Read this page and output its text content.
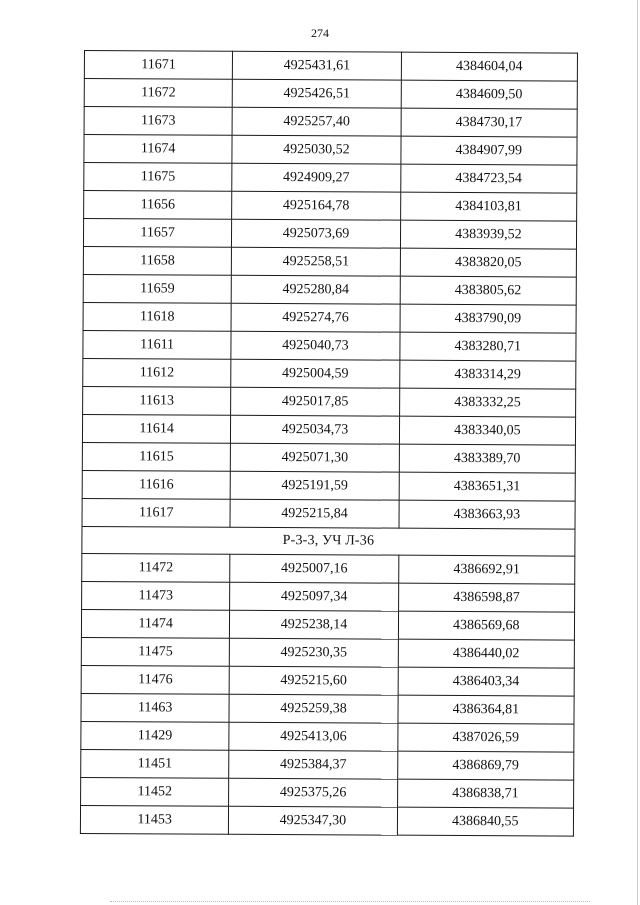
274
11671	4925431,61	4384604,04
11672	4925426,51	4384609,50
11673	4925257,40	4384730,17
11674	4925030,52	4384907,99
11675	4924909,27	4384723,54
11656	4925164,78	4384103,81
11657	4925073,69	4383939,52
11658	4925258,51	4383820,05
11659	4925280,84	4383805,62
11618	4925274,76	4383790,09
11611	4925040,73	4383280,71
11612	4925004,59	4383314,29
11613	4925017,85	4383332,25
11614	4925034,73	4383340,05
11615	4925071,30	4383389,70
11616	4925191,59	4383651,31
11617	4925215,84	4383663,93
Р-3-3, УЧ Л-36		
11472	4925007,16	4386692,91
11473	4925097,34	4386598,87
11474	4925238,14	4386569,68
11475	4925230,35	4386440,02
11476	4925215,60	4386403,34
11463	4925259,38	4386364,81
11429	4925413,06	4387026,59
11451	4925384,37	4386869,79
11452	4925375,26	4386838,71
11453	4925347,30	4386840,55
